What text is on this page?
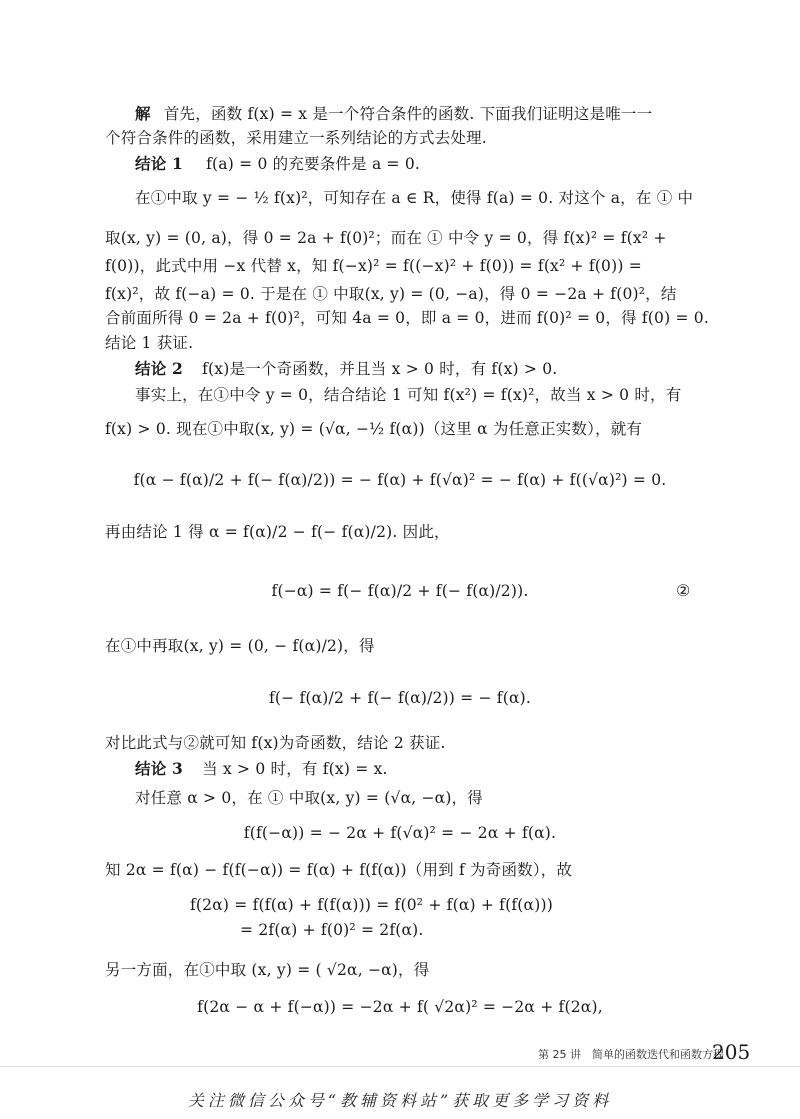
解 首先，函数 f(x) = x 是一个符合条件的函数. 下面我们证明这是唯一一
个符合条件的函数，采用建立一系列结论的方式去处理.
结论 1 f(a) = 0 的充要条件是 a = 0.
在①中取 y = − ½ f(x)²，可知存在 a ∈ R，使得 f(a) = 0. 对这个 a，在 ① 中
取(x, y) = (0, a)，得 0 = 2a + f(0)²；而在 ① 中令 y = 0，得 f(x)² = f(x² +
f(0))，此式中用 −x 代替 x，知 f(−x)² = f((−x)² + f(0)) = f(x² + f(0)) =
f(x)²，故 f(−a) = 0. 于是在 ① 中取(x, y) = (0, −a)，得 0 = −2a + f(0)²，结
合前面所得 0 = 2a + f(0)²，可知 4a = 0，即 a = 0，进而 f(0)² = 0，得 f(0) = 0.
结论 1 获证.
结论 2 f(x)是一个奇函数，并且当 x > 0 时，有 f(x) > 0.
事实上，在①中令 y = 0，结合结论 1 可知 f(x²) = f(x)²，故当 x > 0 时，有
f(x) > 0. 现在①中取(x, y) = (√α, −½ f(α))（这里 α 为任意正实数），就有
f(α − f(α)/2 + f(− f(α)/2)) = − f(α) + f(√α)² = − f(α) + f((√α)²) = 0.
再由结论 1 得 α = f(α)/2 − f(− f(α)/2). 因此，
f(−α) = f(− f(α)/2 + f(− f(α)/2)).	②
在①中再取(x, y) = (0, − f(α)/2)，得
f(− f(α)/2 + f(− f(α)/2)) = − f(α).
对比此式与②就可知 f(x)为奇函数，结论 2 获证.
结论 3 当 x > 0 时，有 f(x) = x.
对任意 α > 0，在 ① 中取(x, y) = (√α, −α)，得
f(f(−α)) = − 2α + f(√α)² = − 2α + f(α).
知 2α = f(α) − f(f(−α)) = f(α) + f(f(α))（用到 f 为奇函数），故
f(2α) = f(f(α) + f(f(α))) = f(0² + f(α) + f(f(α)))
= 2f(α) + f(0)² = 2f(α).
另一方面，在①中取 (x, y) = ( √2α, −α)，得
f(2α − α + f(−α)) = −2α + f( √2α)² = −2α + f(2α),
第 25 讲　简单的函数迭代和函数方程
205
关注微信公众号“教辅资料站”获取更多学习资料
